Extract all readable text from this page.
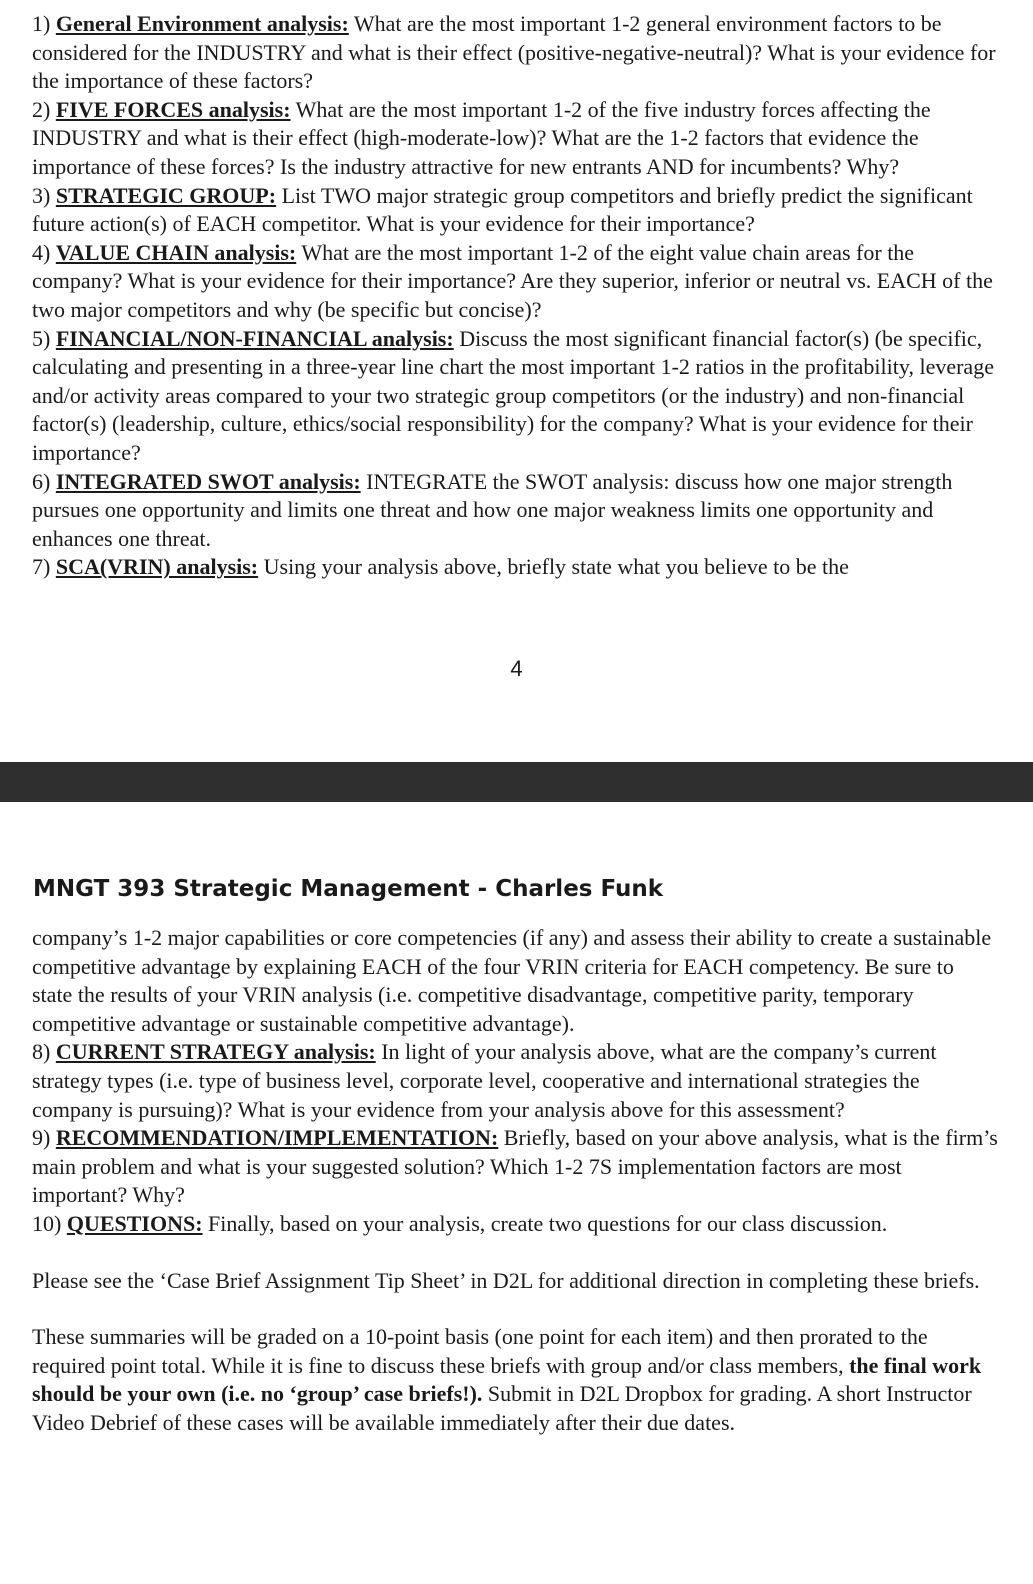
1) General Environment analysis: What are the most important 1-2 general environment factors to be considered for the INDUSTRY and what is their effect (positive-negative-neutral)? What is your evidence for the importance of these factors?

2) FIVE FORCES analysis: What are the most important 1-2 of the five industry forces affecting the INDUSTRY and what is their effect (high-moderate-low)? What are the 1-2 factors that evidence the importance of these forces? Is the industry attractive for new entrants AND for incumbents? Why?

3) STRATEGIC GROUP: List TWO major strategic group competitors and briefly predict the significant future action(s) of EACH competitor. What is your evidence for their importance?

4) VALUE CHAIN analysis: What are the most important 1-2 of the eight value chain areas for the company? What is your evidence for their importance? Are they superior, inferior or neutral vs. EACH of the two major competitors and why (be specific but concise)?

5) FINANCIAL/NON-FINANCIAL analysis: Discuss the most significant financial factor(s) (be specific, calculating and presenting in a three-year line chart the most important 1-2 ratios in the profitability, leverage and/or activity areas compared to your two strategic group competitors (or the industry) and non-financial factor(s) (leadership, culture, ethics/social responsibility) for the company? What is your evidence for their importance?

6) INTEGRATED SWOT analysis: INTEGRATE the SWOT analysis: discuss how one major strength pursues one opportunity and limits one threat and how one major weakness limits one opportunity and enhances one threat.

7) SCA(VRIN) analysis: Using your analysis above, briefly state what you believe to be the

4
MNGT 393 Strategic Management - Charles Funk

company’s 1-2 major capabilities or core competencies (if any) and assess their ability to create a sustainable competitive advantage by explaining EACH of the four VRIN criteria for EACH competency. Be sure to state the results of your VRIN analysis (i.e. competitive disadvantage, competitive parity, temporary competitive advantage or sustainable competitive advantage).

8) CURRENT STRATEGY analysis: In light of your analysis above, what are the company’s current strategy types (i.e. type of business level, corporate level, cooperative and international strategies the company is pursuing)? What is your evidence from your analysis above for this assessment?

9) RECOMMENDATION/IMPLEMENTATION: Briefly, based on your above analysis, what is the firm’s main problem and what is your suggested solution? Which 1-2 7S implementation factors are most important? Why?

10) QUESTIONS: Finally, based on your analysis, create two questions for our class discussion.

Please see the ‘Case Brief Assignment Tip Sheet’ in D2L for additional direction in completing these briefs.

These summaries will be graded on a 10-point basis (one point for each item) and then prorated to the required point total. While it is fine to discuss these briefs with group and/or class members, the final work should be your own (i.e. no ‘group’ case briefs!). Submit in D2L Dropbox for grading. A short Instructor Video Debrief of these cases will be available immediately after their due dates.
